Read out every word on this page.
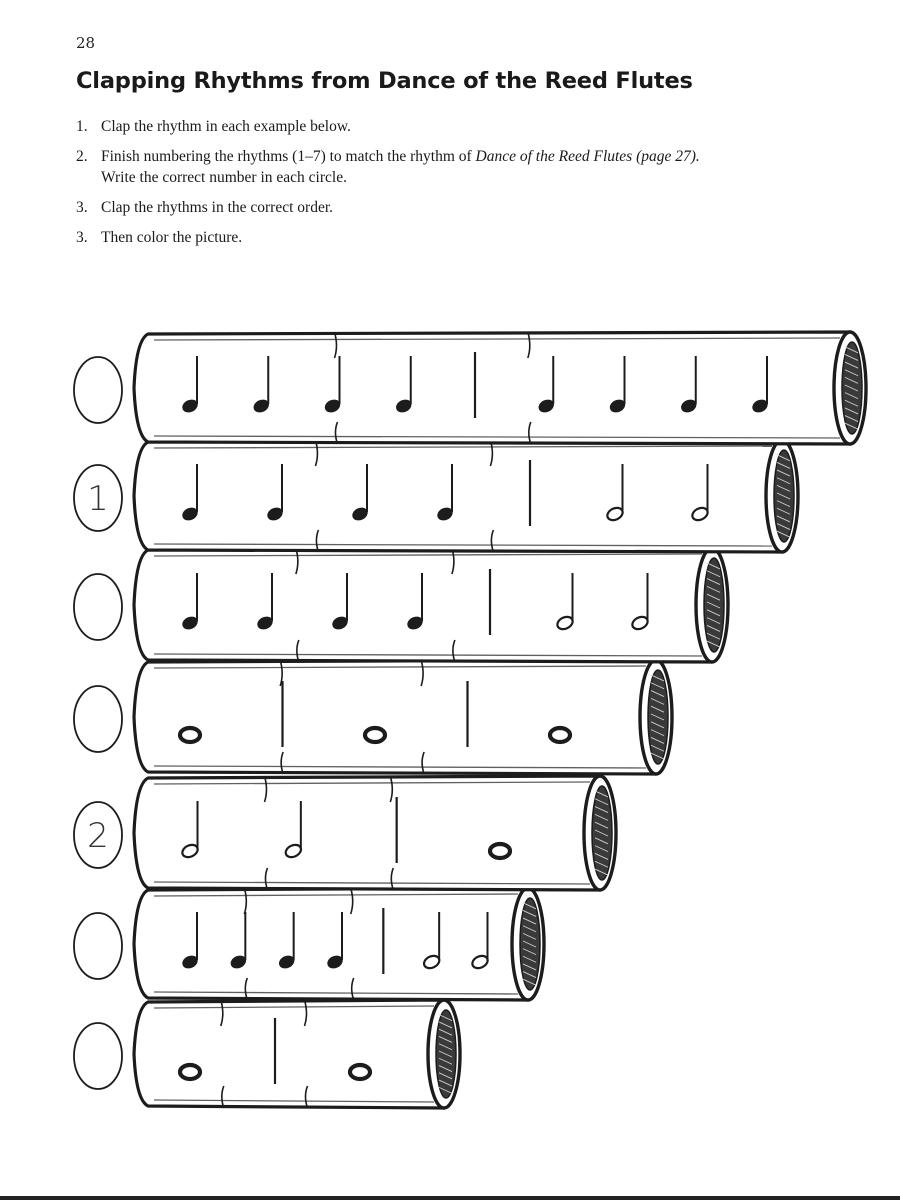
28
Clapping Rhythms from Dance of the Reed Flutes
1. Clap the rhythm in each example below.
2. Finish numbering the rhythms (1–7) to match the rhythm of Dance of the Reed Flutes (page 27).
Write the correct number in each circle.
3. Clap the rhythms in the correct order.
3. Then color the picture.
2
1
